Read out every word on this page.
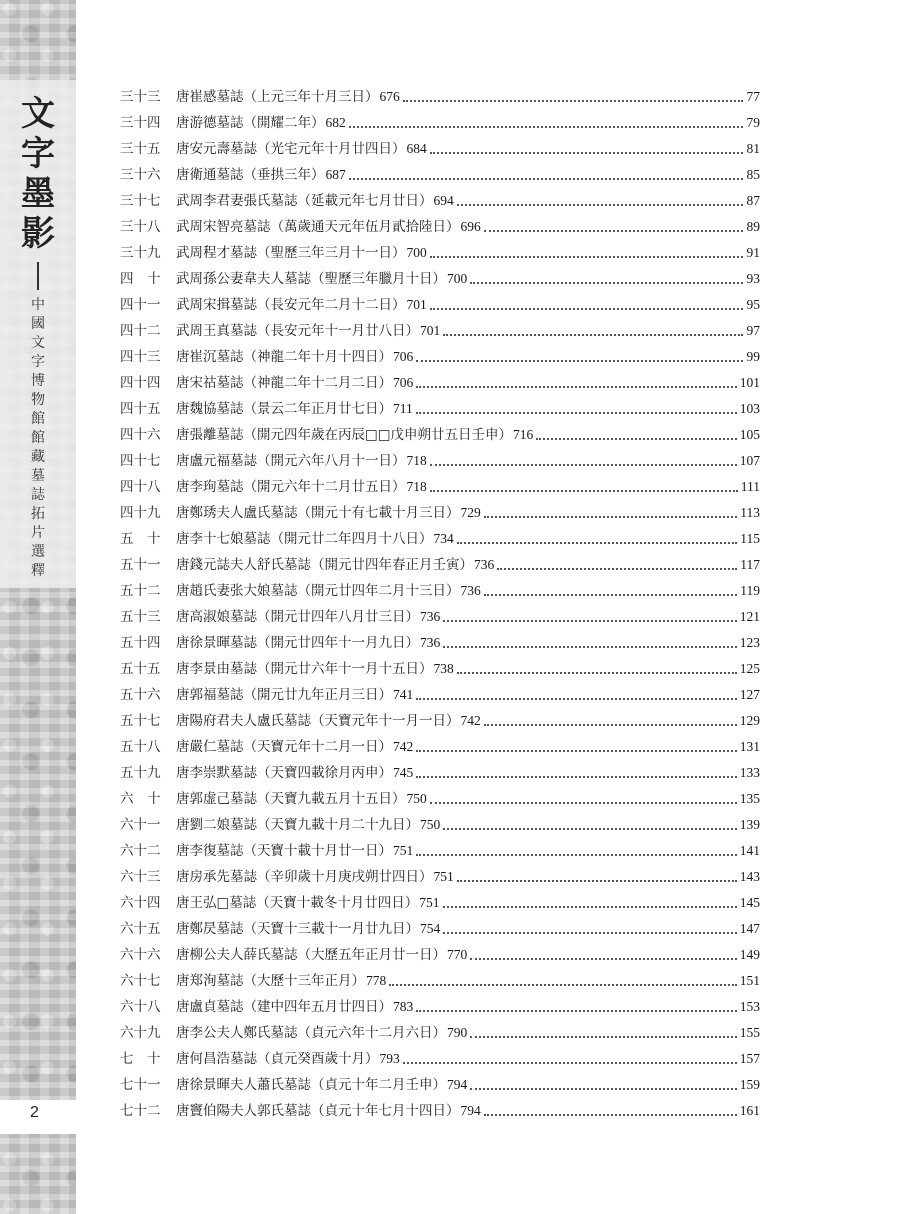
文
字
墨
影
中
國
文
字
博
物
館
館
藏
墓
誌
拓
片
選
釋
2
三十三	唐崔感墓誌（上元三年十月三日） 676	77
三十四	唐游德墓誌（開耀二年） 682	79
三十五	唐安元壽墓誌（光宅元年十月廿四日） 684	81
三十六	唐衛通墓誌（垂拱三年） 687	85
三十七	武周李君妻張氏墓誌（延載元年七月廿日） 694	87
三十八	武周宋智亮墓誌（萬歲通天元年伍月貳拾陸日） 696	89
三十九	武周程才墓誌（聖歷三年三月十一日） 700	91
四　十	武周孫公妻韋夫人墓誌（聖歷三年臘月十日） 700	93
四十一	武周宋揖墓誌（長安元年二月十二日） 701	95
四十二	武周王真墓誌（長安元年十一月廿八日） 701	97
四十三	唐崔沉墓誌（神龍二年十月十四日） 706	99
四十四	唐宋祜墓誌（神龍二年十二月二日） 706	101
四十五	唐魏協墓誌（景云二年正月廿七日） 711	103
四十六	唐張離墓誌（開元四年歲在丙辰□□戊申朔廿五日壬申） 716	105
四十七	唐盧元福墓誌（開元六年八月十一日） 718	107
四十八	唐李珣墓誌（開元六年十二月廿五日） 718	111
四十九	唐鄭琇夫人盧氏墓誌（開元十有七載十月三日） 729	113
五　十	唐李十七娘墓誌（開元廿二年四月十八日） 734	115
五十一	唐錢元誌夫人舒氏墓誌（開元廿四年春正月壬寅） 736	117
五十二	唐趙氏妻张大娘墓誌（開元廿四年二月十三日） 736	119
五十三	唐高淑娘墓誌（開元廿四年八月廿三日） 736	121
五十四	唐徐景暉墓誌（開元廿四年十一月九日） 736	123
五十五	唐李景由墓誌（開元廿六年十一月十五日） 738	125
五十六	唐郭福墓誌（開元廿九年正月三日） 741	127
五十七	唐陽府君夫人盧氏墓誌（天寶元年十一月一日） 742	129
五十八	唐嚴仁墓誌（天寶元年十二月一日） 742	131
五十九	唐李崇默墓誌（天寶四載徐月丙申） 745	133
六　十	唐郭虚己墓誌（天寶九載五月十五日） 750	135
六十一	唐劉二娘墓誌（天寶九載十月二十九日） 750	139
六十二	唐李復墓誌（天寶十載十月廿一日） 751	141
六十三	唐房承先墓誌（辛卯歲十月庚戌朔廿四日） 751	143
六十四	唐王弘□墓誌（天寶十載冬十月廿四日） 751	145
六十五	唐鄭昃墓誌（天寶十三載十一月廿九日） 754	147
六十六	唐柳公夫人薛氏墓誌（大歷五年正月廿一日） 770	149
六十七	唐郑洵墓誌（大歷十三年正月） 778	151
六十八	唐盧貞墓誌（建中四年五月廿四日） 783	153
六十九	唐李公夫人鄭氏墓誌（貞元六年十二月六日） 790	155
七　十	唐何昌浩墓誌（貞元癸酉歲十月） 793	157
七十一	唐徐景暉夫人蕭氏墓誌（貞元十年二月壬申） 794	159
七十二	唐竇伯陽夫人郭氏墓誌（貞元十年七月十四日） 794	161
